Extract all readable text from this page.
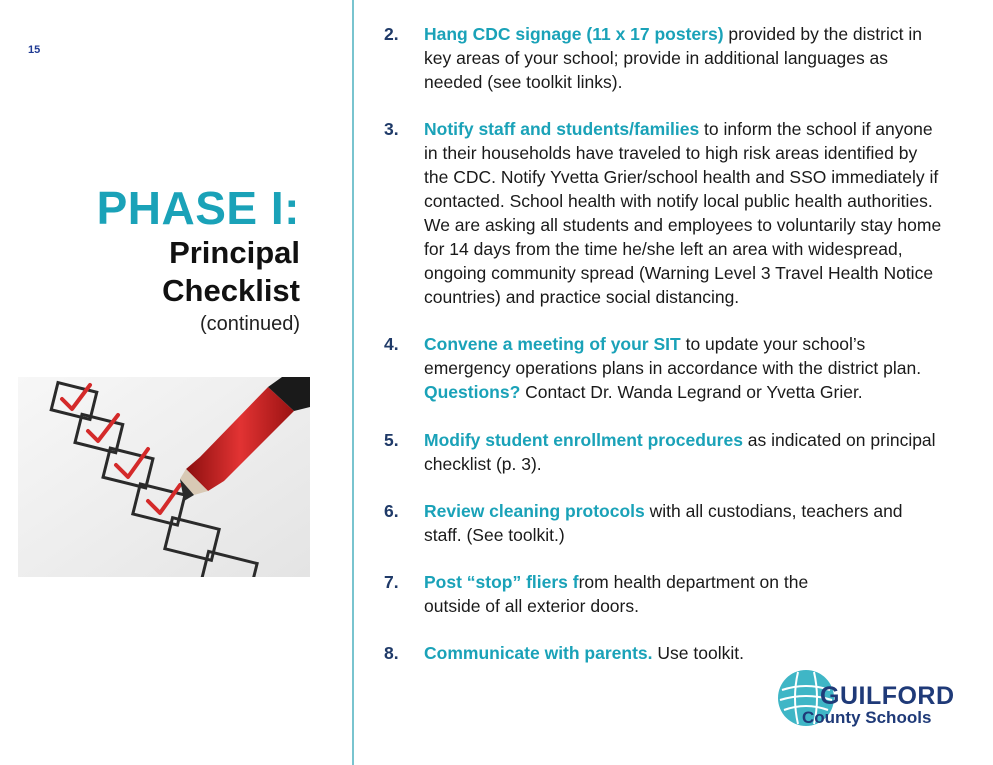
15
PHASE I:
Principal
Checklist
(continued)
2. Hang CDC signage (11 x 17 posters) provided by the district in key areas of your school; provide in additional languages as needed (see toolkit links).
3. Notify staff and students/families to inform the school if anyone in their households have traveled to high risk areas identified by the CDC. Notify Yvetta Grier/school health and SSO immediately if contacted. School health with notify local public health authorities. We are asking all students and employees to voluntarily stay home for 14 days from the time he/she left an area with widespread, ongoing community spread (Warning Level 3 Travel Health Notice countries) and practice social distancing.
4. Convene a meeting of your SIT to update your school’s emergency operations plans in accordance with the district plan. Questions? Contact Dr. Wanda Legrand or Yvetta Grier.
5. Modify student enrollment procedures as indicated on principal checklist (p. 3).
6. Review cleaning protocols with all custodians, teachers and staff. (See toolkit.)
7. Post “stop” fliers from health department on the outside of all exterior doors.
8. Communicate with parents. Use toolkit.
GUILFORD
County Schools
